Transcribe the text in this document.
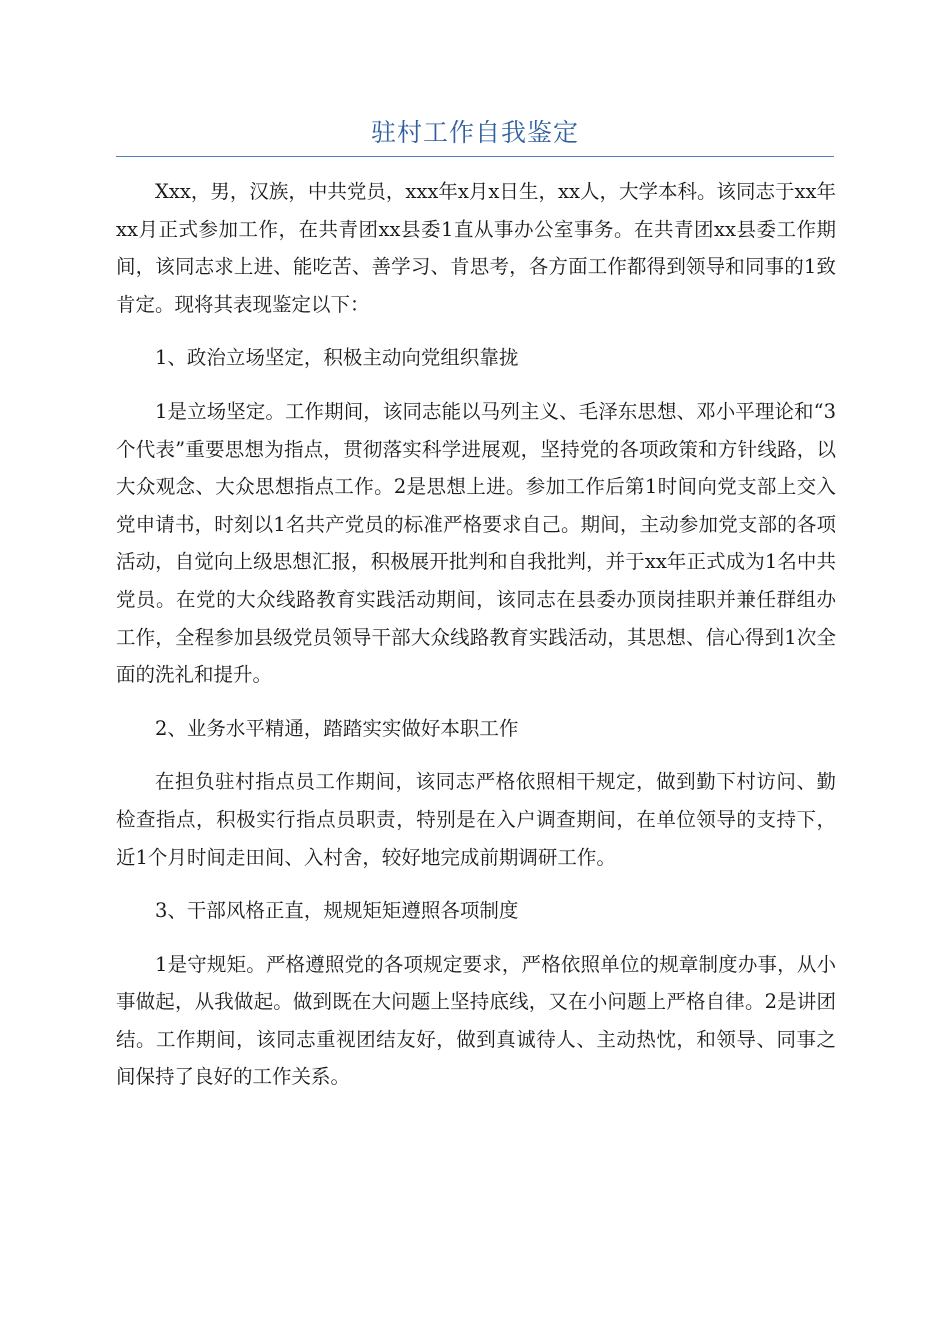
驻村工作自我鉴定

Xxx，男，汉族，中共党员，xxx年x月x日生，xx人，大学本科。该同志于xx年xx月正式参加工作，在共青团xx县委1直从事办公室事务。在共青团xx县委工作期间，该同志求上进、能吃苦、善学习、肯思考，各方面工作都得到领导和同事的1致肯定。现将其表现鉴定以下：

1、政治立场坚定，积极主动向党组织靠拢

1是立场坚定。工作期间，该同志能以马列主义、毛泽东思想、邓小平理论和“3个代表”重要思想为指点，贯彻落实科学进展观，坚持党的各项政策和方针线路，以大众观念、大众思想指点工作。2是思想上进。参加工作后第1时间向党支部上交入党申请书，时刻以1名共产党员的标准严格要求自己。期间，主动参加党支部的各项活动，自觉向上级思想汇报，积极展开批判和自我批判，并于xx年正式成为1名中共党员。在党的大众线路教育实践活动期间，该同志在县委办顶岗挂职并兼任群组办工作，全程参加县级党员领导干部大众线路教育实践活动，其思想、信心得到1次全面的洗礼和提升。

2、业务水平精通，踏踏实实做好本职工作

在担负驻村指点员工作期间，该同志严格依照相干规定，做到勤下村访问、勤检查指点，积极实行指点员职责，特别是在入户调查期间，在单位领导的支持下，近1个月时间走田间、入村舍，较好地完成前期调研工作。

3、干部风格正直，规规矩矩遵照各项制度

1是守规矩。严格遵照党的各项规定要求，严格依照单位的规章制度办事，从小事做起，从我做起。做到既在大问题上坚持底线，又在小问题上严格自律。2是讲团结。工作期间，该同志重视团结友好，做到真诚待人、主动热忱，和领导、同事之间保持了良好的工作关系。
